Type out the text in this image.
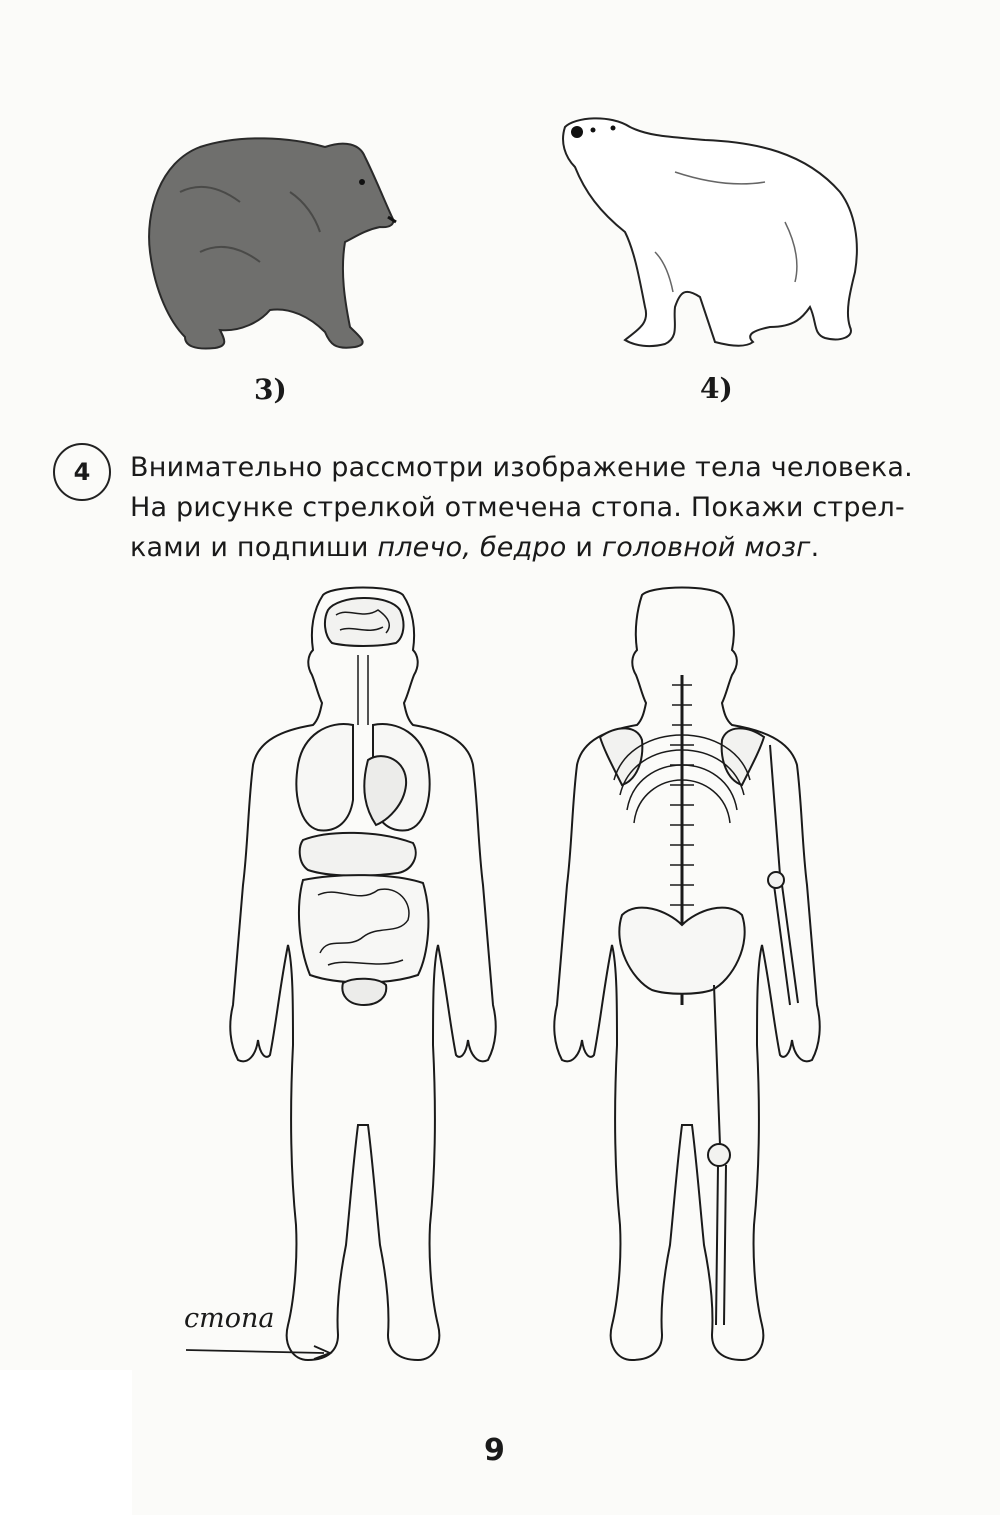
3)	4)
4	Внимательно рассмотри изображение тела человека. На рисунке стрелкой отмечена стопа. Покажи стрелками и подпиши плечо, бедро и головной мозг.
стопа
9
